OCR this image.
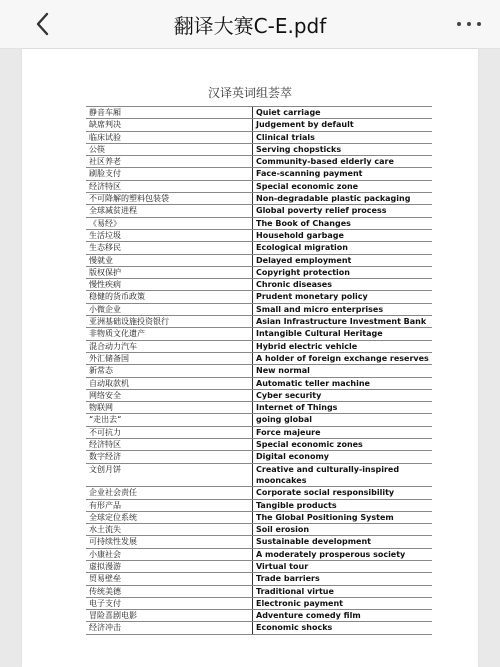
翻译大赛C-E.pdf
汉译英词组荟萃
静音车厢	Quiet carriage
缺席判决	Judgement by default
临床试验	Clinical trials
公筷	Serving chopsticks
社区养老	Community-based elderly care
刷脸支付	Face-scanning payment
经济特区	Special economic zone
不可降解的塑料包装袋	Non-degradable plastic packaging
全球减贫进程	Global poverty relief process
《易经》	The Book of Changes
生活垃圾	Household garbage
生态移民	Ecological migration
慢就业	Delayed employment
版权保护	Copyright protection
慢性疾病	Chronic diseases
稳健的货币政策	Prudent monetary policy
小微企业	Small and micro enterprises
亚洲基础设施投资银行	Asian Infrastructure Investment Bank
非物质文化遗产	Intangible Cultural Heritage
混合动力汽车	Hybrid electric vehicle
外汇储备国	A holder of foreign exchange reserves
新常态	New normal
自动取款机	Automatic teller machine
网络安全	Cyber security
物联网	Internet of Things
“走出去“	going global
不可抗力	Force majeure
经济特区	Special economic zones
数字经济	Digital economy
文创月饼	Creative and culturally-inspired mooncakes
企业社会责任	Corporate social responsibility
有形产品	Tangible products
全球定位系统	The Global Positioning System
水土流失	Soil erosion
可持续性发展	Sustainable development
小康社会	A moderately prosperous society
虚拟漫游	Virtual tour
贸易壁垒	Trade barriers
传统美德	Traditional virtue
电子支付	Electronic payment
冒险喜剧电影	Adventure comedy film
经济冲击	Economic shocks
